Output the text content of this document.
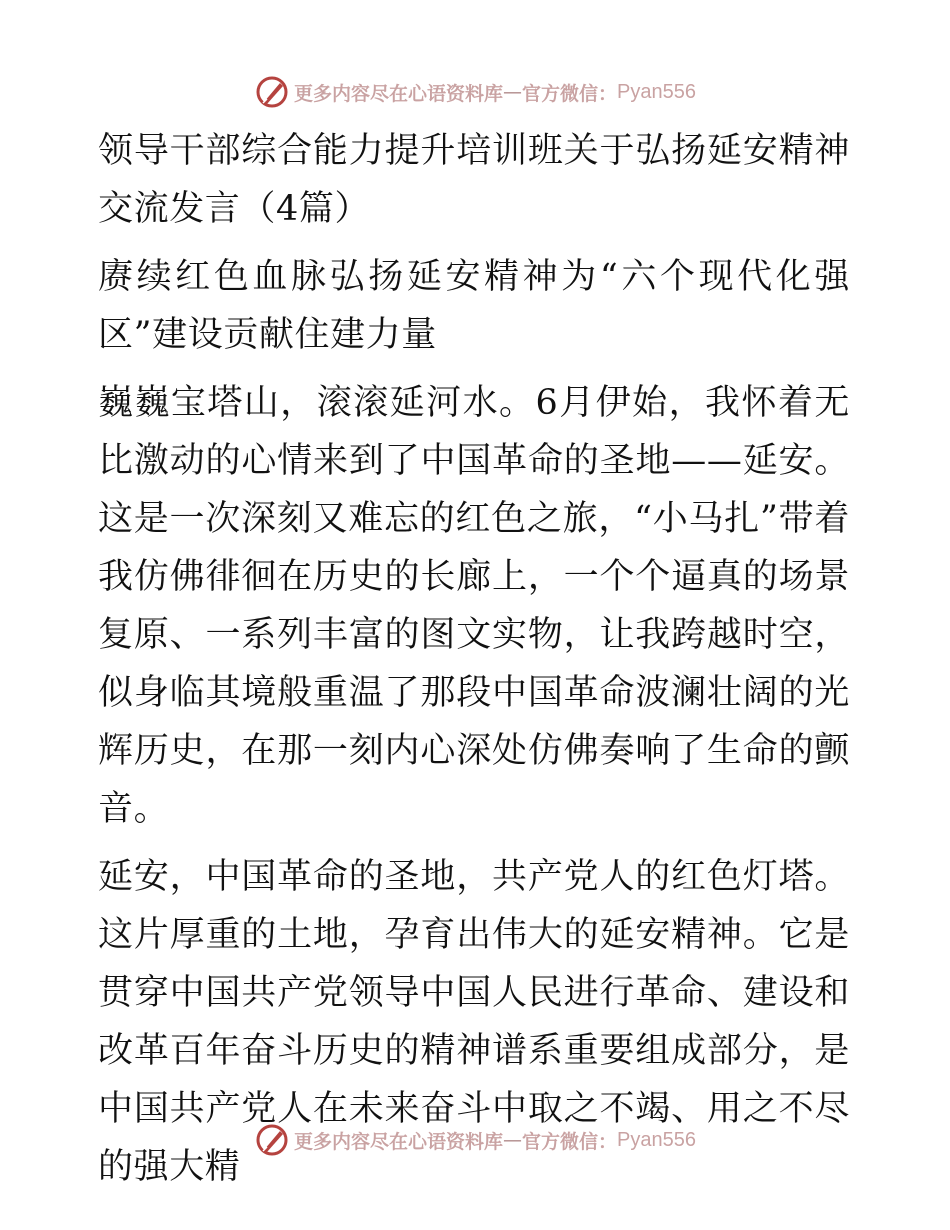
更多内容尽在心语资料库 — 官方微信： Pyan556

领导干部综合能力提升培训班关于弘扬延安精神交流发言（4篇）

赓续红色血脉弘扬延安精神为“六个现代化强区”建设贡献住建力量

巍巍宝塔山，滚滚延河水。6月伊始，我怀着无比激动的心情来到了中国革命的圣地——延安。这是一次深刻又难忘的红色之旅，“小马扎”带着我仿佛徘徊在历史的长廊上，一个个逼真的场景复原、一系列丰富的图文实物，让我跨越时空，似身临其境般重温了那段中国革命波澜壮阔的光辉历史，在那一刻内心深处仿佛奏响了生命的颤音。

延安，中国革命的圣地，共产党人的红色灯塔。这片厚重的土地，孕育出伟大的延安精神。它是贯穿中国共产党领导中国人民进行革命、建设和改革百年奋斗历史的精神谱系重要组成部分，是中国共产党人在未来奋斗中取之不竭、用之不尽的强大精

更多内容尽在心语资料库 — 官方微信： Pyan556
